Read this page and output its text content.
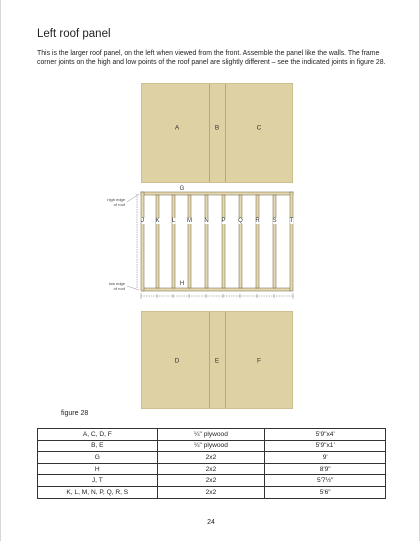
Left roof panel

This is the larger roof panel, on the left when viewed from the front. Assemble the panel like the walls. The frame corner joints on the high and low points of the roof panel are slightly different – see the indicated joints in figure 28.

A	B	C
G
H
J K L M N P Q R S T
high edge
of roof
low edge
of roof
D	E	F
figure 28
A, C, D, F	¼" plywood	5'9"x4'
B, E	¼" plywood	5'9"x1'
G	2x2	9'
H	2x2	8'9"
J, T	2x2	5'7½"
K, L, M, N, P, Q, R, S	2x2	5'6"
24
